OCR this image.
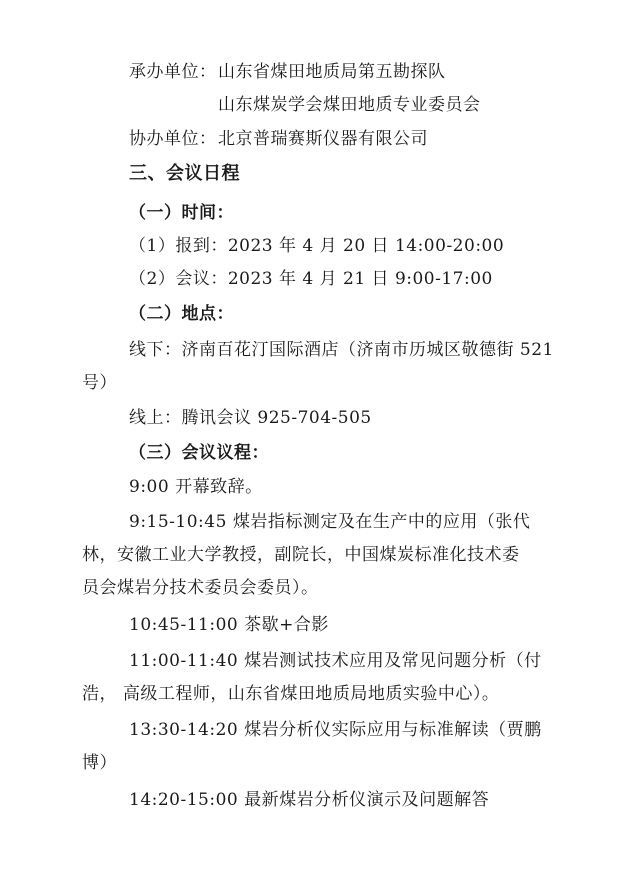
承办单位： 山东省煤田地质局第五勘探队
山东煤炭学会煤田地质专业委员会
协办单位： 北京普瑞赛斯仪器有限公司
三、会议日程
（一）时间：
（1）报到：2023 年 4 月 20 日 14:00-20:00
（2）会议：2023 年 4 月 21 日 9:00-17:00
（二）地点：
线下：济南百花汀国际酒店（济南市历城区敬德街 521
号）
线上：腾讯会议 925-704-505
（三）会议议程：
9:00 开幕致辞。
9:15-10:45 煤岩指标测定及在生产中的应用（张代
林，安徽工业大学教授，副院长，中国煤炭标准化技术委
员会煤岩分技术委员会委员）。
10:45-11:00 茶歇+合影
11:00-11:40 煤岩测试技术应用及常见问题分析（付
浩， 高级工程师，山东省煤田地质局地质实验中心）。
13:30-14:20 煤岩分析仪实际应用与标准解读（贾鹏
博）
14:20-15:00 最新煤岩分析仪演示及问题解答
